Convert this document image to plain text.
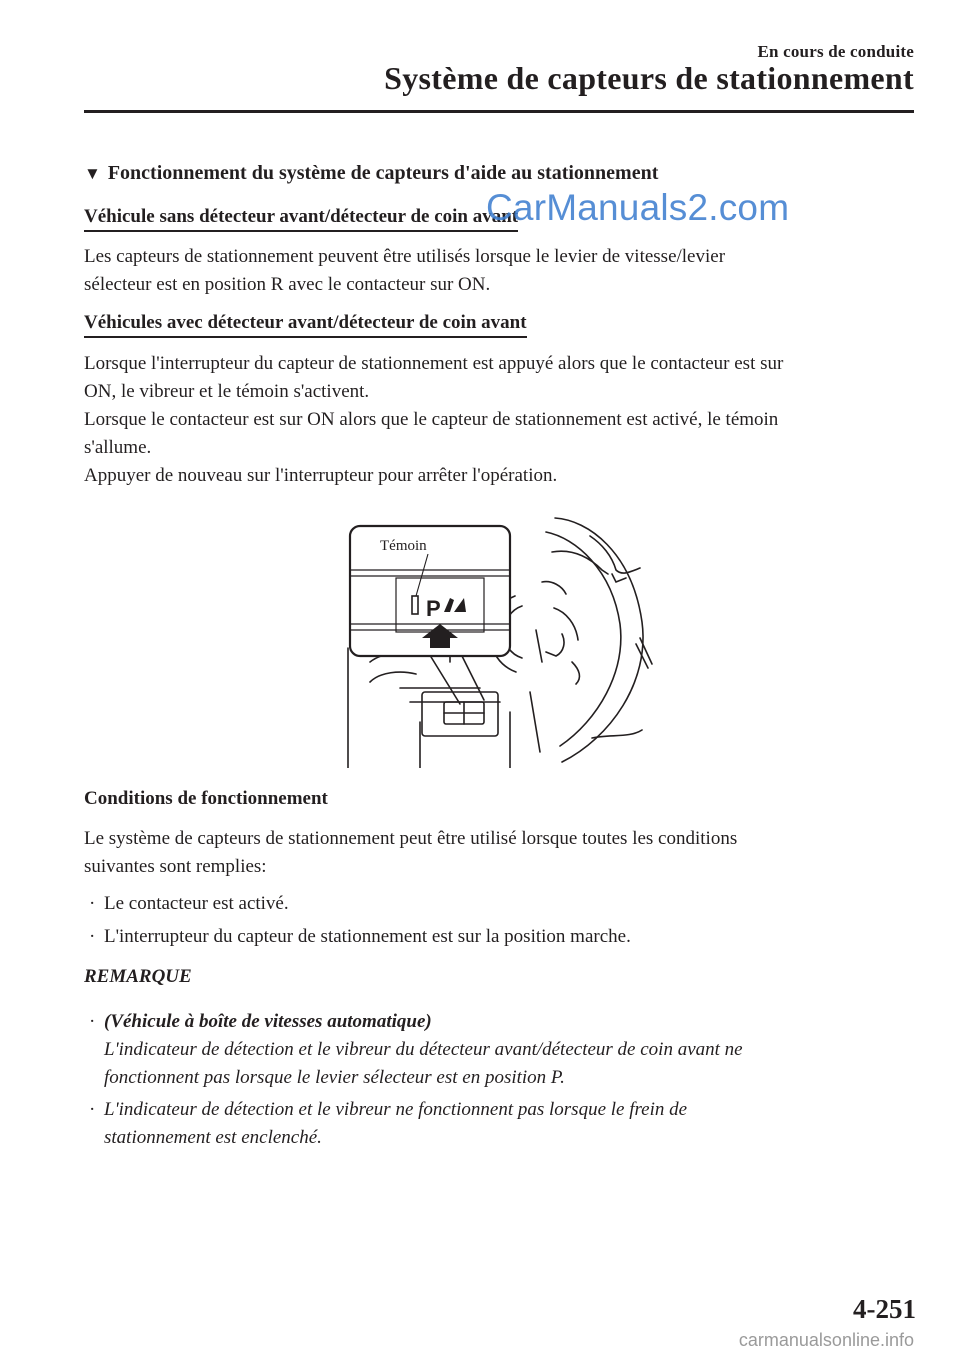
En cours de conduite
Système de capteurs de stationnement
▼ Fonctionnement du système de capteurs d'aide au stationnement
Véhicule sans détecteur avant/détecteur de coin avant
CarManuals2.com
Les capteurs de stationnement peuvent être utilisés lorsque le levier de vitesse/levier
sélecteur est en position R avec le contacteur sur ON.
Véhicules avec détecteur avant/détecteur de coin avant
Lorsque l'interrupteur du capteur de stationnement est appuyé alors que le contacteur est sur
ON, le vibreur et le témoin s'activent.
Lorsque le contacteur est sur ON alors que le capteur de stationnement est activé, le témoin
s'allume.
Appuyer de nouveau sur l'interrupteur pour arrêter l'opération.
P
Témoin
Conditions de fonctionnement
Le système de capteurs de stationnement peut être utilisé lorsque toutes les conditions
suivantes sont remplies:
· Le contacteur est activé.
· L'interrupteur du capteur de stationnement est sur la position marche.
REMARQUE
· (Véhicule à boîte de vitesses automatique)
L'indicateur de détection et le vibreur du détecteur avant/détecteur de coin avant ne
fonctionnent pas lorsque le levier sélecteur est en position P.
· L'indicateur de détection et le vibreur ne fonctionnent pas lorsque le frein de
stationnement est enclenché.
4-251
carmanualsonline.info
